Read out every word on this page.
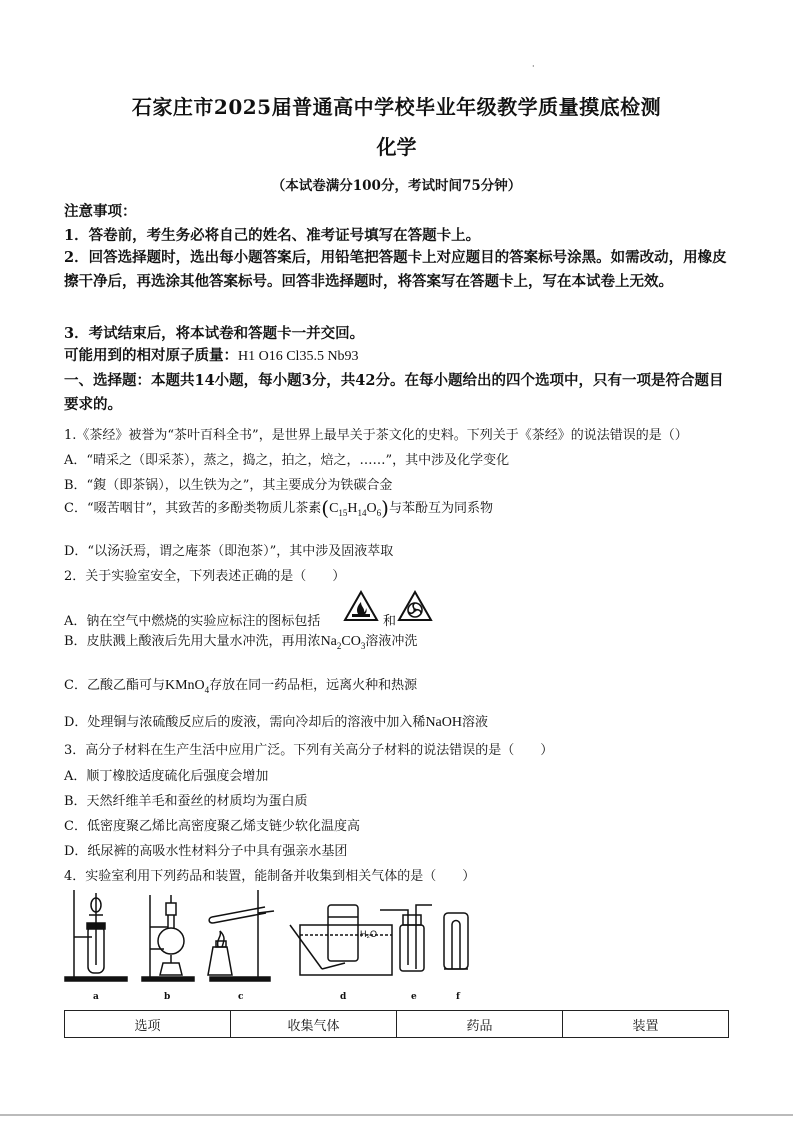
·
石家庄市2025届普通高中学校毕业年级教学质量摸底检测
化学
（本试卷满分100分，考试时间75分钟）
注意事项：
1．答卷前，考生务必将自己的姓名、准考证号填写在答题卡上。
2．回答选择题时，选出每小题答案后，用铅笔把答题卡上对应题目的答案标号涂黑。如需改动，用橡皮擦干净后，再选涂其他答案标号。回答非选择题时，将答案写在答题卡上，写在本试卷上无效。
3．考试结束后，将本试卷和答题卡一并交回。
可能用到的相对原子质量：H1 O16 Cl35.5 Nb93
一、选择题：本题共14小题，每小题3分，共42分。在每小题给出的四个选项中，只有一项是符合题目要求的。
1.《茶经》被誉为“茶叶百科全书”，是世界上最早关于茶文化的史料。下列关于《茶经》的说法错误的是（）
A．“晴采之（即采茶），蒸之，捣之，拍之，焙之，……”，其中涉及化学变化
B．“鍑（即茶锅），以生铁为之”，其主要成分为铁碳合金
C．“啜苦咽甘”，其致苦的多酚类物质儿茶素$(C_{15}H_{14}O_6)$与苯酚互为同系物
D．“以汤沃焉，谓之庵茶（即泡茶）”，其中涉及固液萃取
2．关于实验室安全，下列表述正确的是（　　）
A．钠在空气中燃烧的实验应标注的图标包括	和
B．皮肤溅上酸液后先用大量水冲洗，再用浓$Na_2CO_3$溶液冲洗
C．乙酸乙酯可与KMnO$_4$存放在同一药品柜，远离火种和热源
D．处理铜与浓硫酸反应后的废液，需向冷却后的溶液中加入稀NaOH溶液
3．高分子材料在生产生活中应用广泛。下列有关高分子材料的说法错误的是（　　）
A．顺丁橡胶适度硫化后强度会增加
B．天然纤维羊毛和蚕丝的材质均为蛋白质
C．低密度聚乙烯比高密度聚乙烯支链少软化温度高
D．纸尿裤的高吸水性材料分子中具有强亲水基团
4．实验室利用下列药品和装置，能制备并收集到相关气体的是（　　）
H₂O
a	b	c	d	e	f
选项	收集气体	药品	装置
